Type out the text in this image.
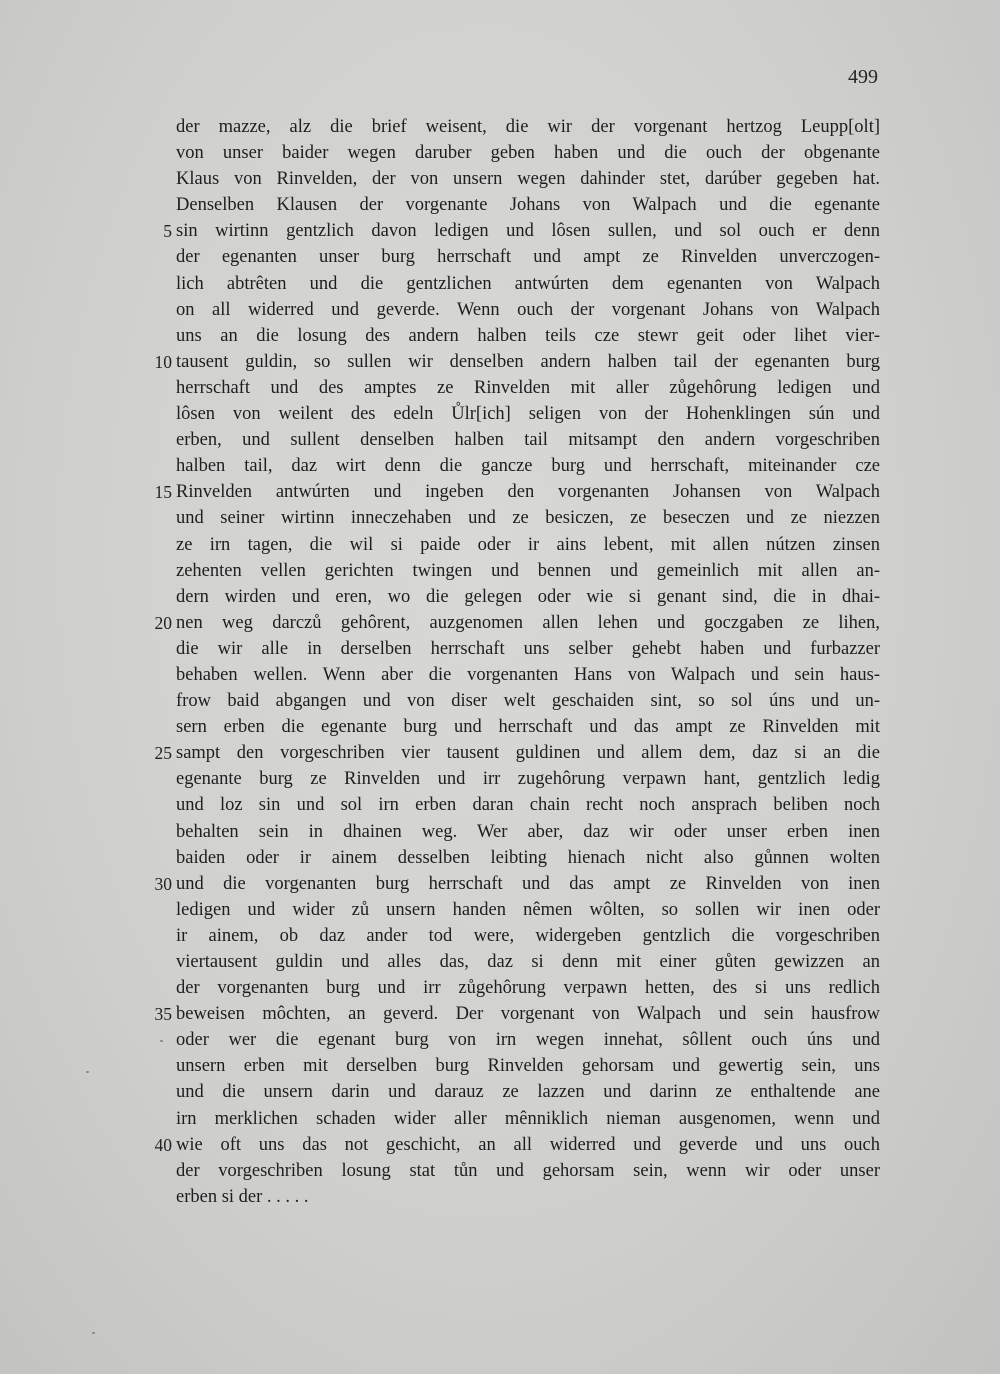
499
der mazze, alz die brief weisent, die wir der vorgenant hertzog Leupp[olt]
von unser baider wegen daruber geben haben und die ouch der obgenante
Klaus von Rinvelden, der von unsern wegen dahinder stet, darúber gegeben hat.
Denselben Klausen der vorgenante Johans von Walpach und die egenante
5 sin wirtinn gentzlich davon ledigen und lôsen sullen, und sol ouch er denn
der egenanten unser burg herrschaft und ampt ze Rinvelden unverczogen-
lich abtrêten und die gentzlichen antwúrten dem egenanten von Walpach
on all widerred und geverde. Wenn ouch der vorgenant Johans von Walpach
uns an die losung des andern halben teils cze stewr geit oder lihet vier-
10 tausent guldin, so sullen wir denselben andern halben tail der egenanten burg
herrschaft und des amptes ze Rinvelden mit aller zůgehôrung ledigen und
lôsen von weilent des edeln Ůlr[ich] seligen von der Hohenklingen sún und
erben, und sullent denselben halben tail mitsampt den andern vorgeschriben
halben tail, daz wirt denn die gancze burg und herrschaft, miteinander cze
15 Rinvelden antwúrten und ingeben den vorgenanten Johansen von Walpach
und seiner wirtinn inneczehaben und ze besiczen, ze beseczen und ze niezzen
ze irn tagen, die wil si paide oder ir ains lebent, mit allen nútzen zinsen
zehenten vellen gerichten twingen und bennen und gemeinlich mit allen an-
dern wirden und eren, wo die gelegen oder wie si genant sind, die in dhai-
20 nen weg darczů gehôrent, auzgenomen allen lehen und goczgaben ze lihen,
die wir alle in derselben herrschaft uns selber gehebt haben und furbazzer
behaben wellen. Wenn aber die vorgenanten Hans von Walpach und sein haus-
frow baid abgangen und von diser welt geschaiden sint, so sol úns und un-
sern erben die egenante burg und herrschaft und das ampt ze Rinvelden mit
25 sampt den vorgeschriben vier tausent guldinen und allem dem, daz si an die
egenante burg ze Rinvelden und irr zugehôrung verpawn hant, gentzlich ledig
und loz sin und sol irn erben daran chain recht noch ansprach beliben noch
behalten sein in dhainen weg. Wer aber, daz wir oder unser erben inen
baiden oder ir ainem desselben leibting hienach nicht also gůnnen wolten
30 und die vorgenanten burg herrschaft und das ampt ze Rinvelden von inen
ledigen und wider zů unsern handen nêmen wôlten, so sollen wir inen oder
ir ainem, ob daz ander tod were, widergeben gentzlich die vorgeschriben
viertausent guldin und alles das, daz si denn mit einer gůten gewizzen an
der vorgenanten burg und irr zůgehôrung verpawn hetten, des si uns redlich
35 beweisen môchten, an geverd. Der vorgenant von Walpach und sein hausfrow
oder wer die egenant burg von irn wegen innehat, sôllent ouch úns und
unsern erben mit derselben burg Rinvelden gehorsam und gewertig sein, uns
und die unsern darin und darauz ze lazzen und darinn ze enthaltende ane
irn merklichen schaden wider aller mênniklich nieman ausgenomen, wenn und
40 wie oft uns das not geschicht, an all widerred und geverde und uns ouch
der vorgeschriben losung stat tůn und gehorsam sein, wenn wir oder unser
erben si der . . . . .
